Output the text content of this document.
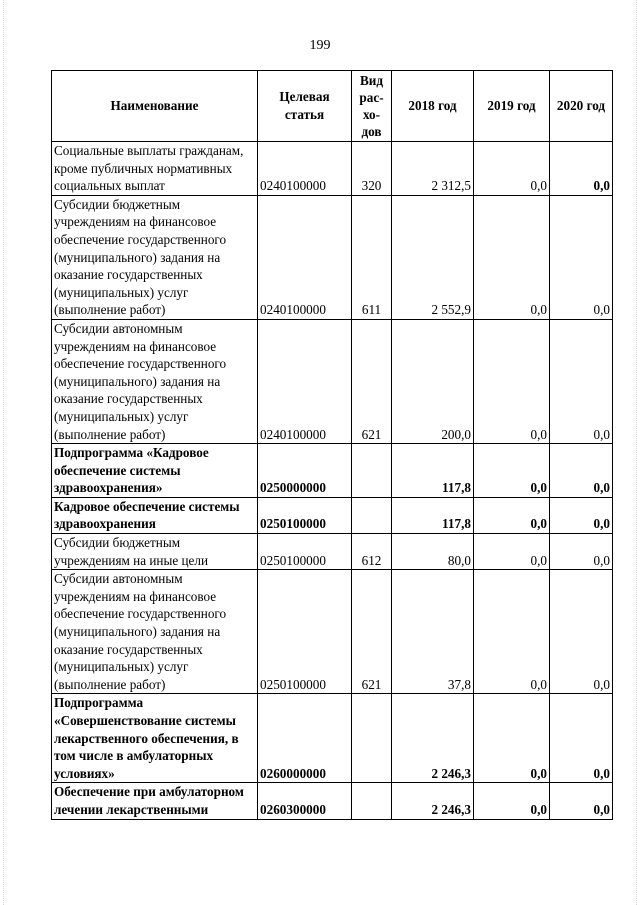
199
Наименование	Целевая статья	Вид рас- хо- дов	2018 год	2019 год	2020 год
Социальные выплаты гражданам, кроме публичных нормативных социальных выплат	0240100000	320	2 312,5	0,0	0,0
Субсидии бюджетным учреждениям на финансовое обеспечение государственного (муниципального) задания на оказание государственных (муниципальных) услуг (выполнение работ)	0240100000	611	2 552,9	0,0	0,0
Субсидии автономным учреждениям на финансовое обеспечение государственного (муниципального) задания на оказание государственных (муниципальных) услуг (выполнение работ)	0240100000	621	200,0	0,0	0,0
Подпрограмма «Кадровое обеспечение системы здравоохранения»	0250000000		117,8	0,0	0,0
Кадровое обеспечение системы здравоохранения	0250100000		117,8	0,0	0,0
Субсидии бюджетным учреждениям на иные цели	0250100000	612	80,0	0,0	0,0
Субсидии автономным учреждениям на финансовое обеспечение государственного (муниципального) задания на оказание государственных (муниципальных) услуг (выполнение работ)	0250100000	621	37,8	0,0	0,0
Подпрограмма «Совершенствование системы лекарственного обеспечения, в том числе в амбулаторных условиях»	0260000000		2 246,3	0,0	0,0
Обеспечение при амбулаторном лечении лекарственными	0260300000		2 246,3	0,0	0,0
